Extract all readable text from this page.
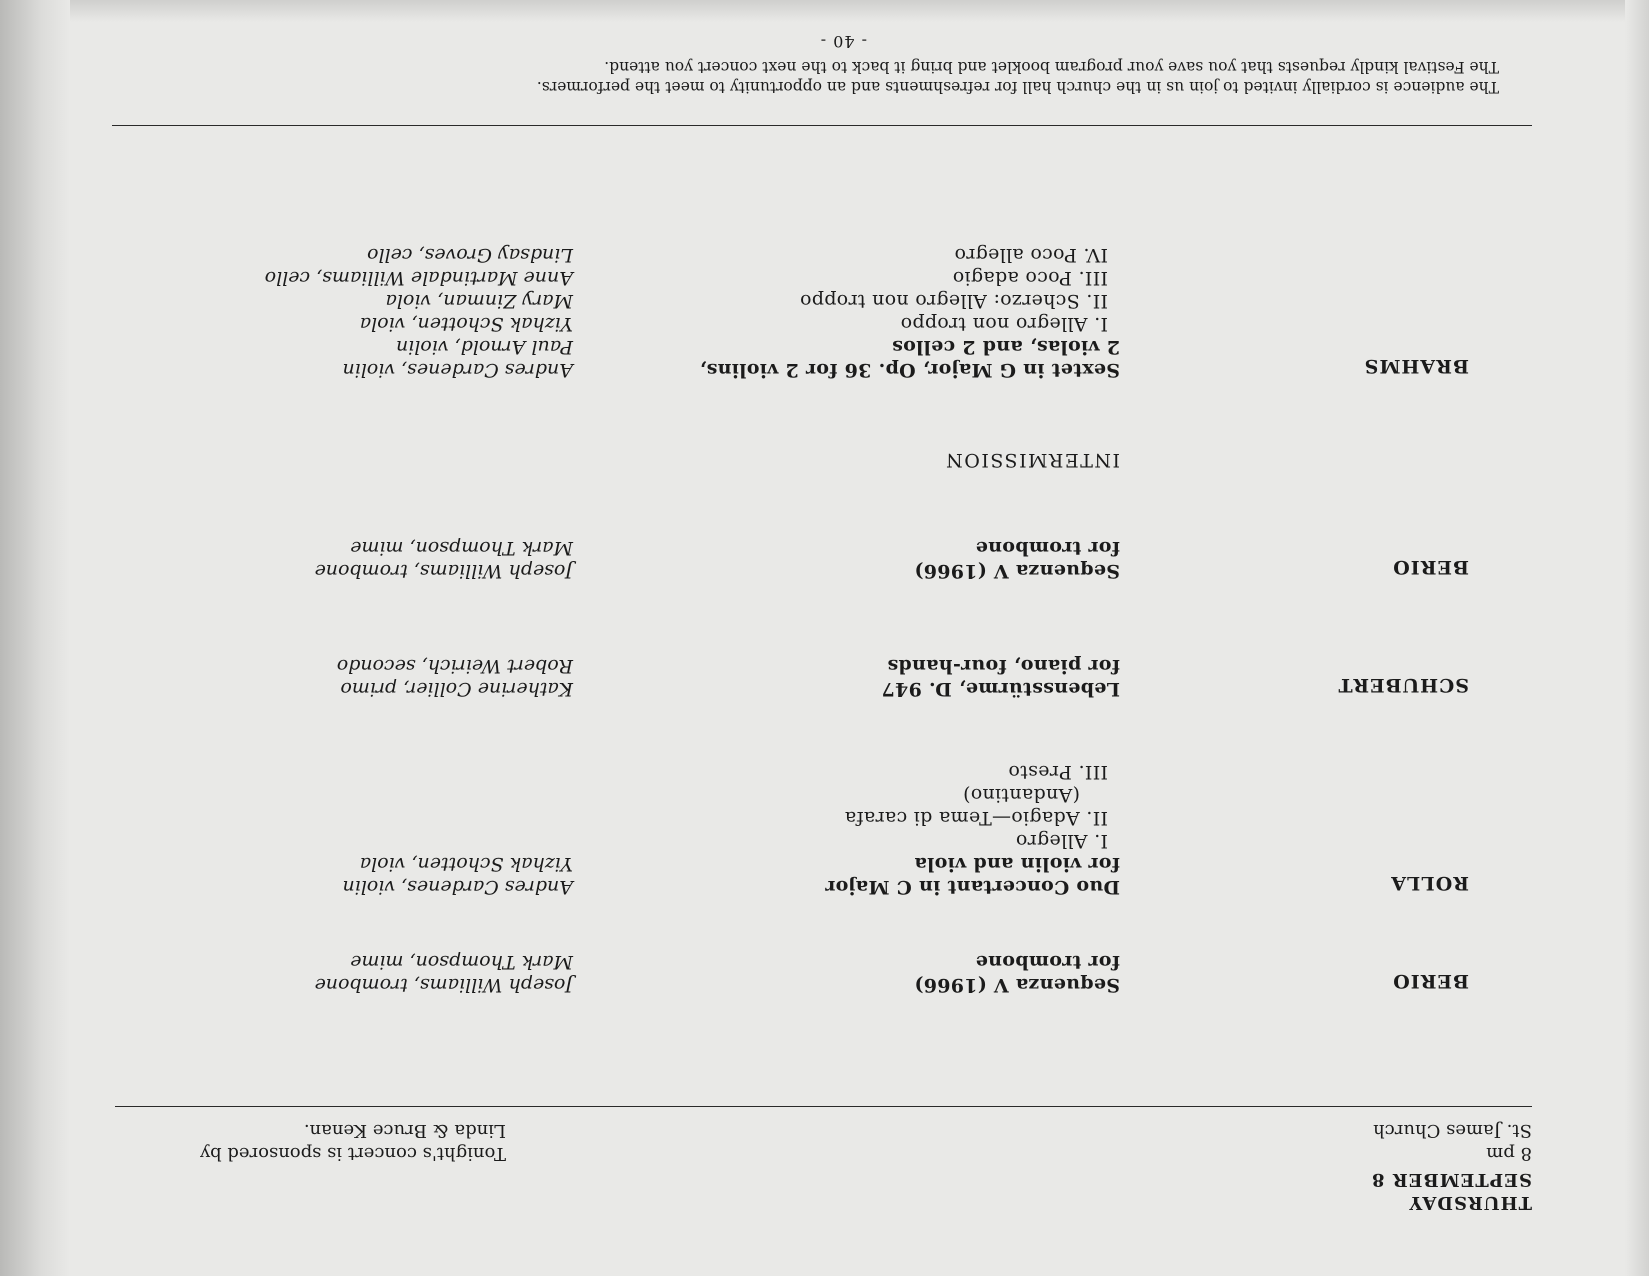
THURSDAY
SEPTEMBER 8
8 pm
St. James Church
Tonight's concert is sponsored by
Linda & Bruce Kenan.
BERIO
Sequenza V (1966)
for trombone
Joseph Williams, trombone
Mark Thompson, mime
ROLLA
Duo Concertant in C Major
for violin and viola
I. Allegro
II. Adagio—Tema di carafa
(Andantino)
III. Presto
Andres Cardenes, violin
Yizhak Schotten, viola
SCHUBERT
Lebensstürme, D. 947
for piano, four-hands
Katherine Collier, primo
Robert Weirich, secondo
BERIO
Sequenza V (1966)
for trombone
Joseph Williams, trombone
Mark Thompson, mime
INTERMISSION
BRAHMS
Sextet in G Major, Op. 36 for 2 violins,
2 violas, and 2 cellos
I. Allegro non troppo
II. Scherzo: Allegro non troppo
III. Poco adagio
IV. Poco allegro
Andres Cardenes, violin
Paul Arnold, violin
Yizhak Schotten, viola
Mary Zinman, viola
Anne Martindale Williams, cello
Lindsay Groves, cello
The audience is cordially invited to join us in the church hall for refreshments and an opportunity to meet the performers.
The Festival kindly requests that you save your program booklet and bring it back to the next concert you attend.
- 40 -
